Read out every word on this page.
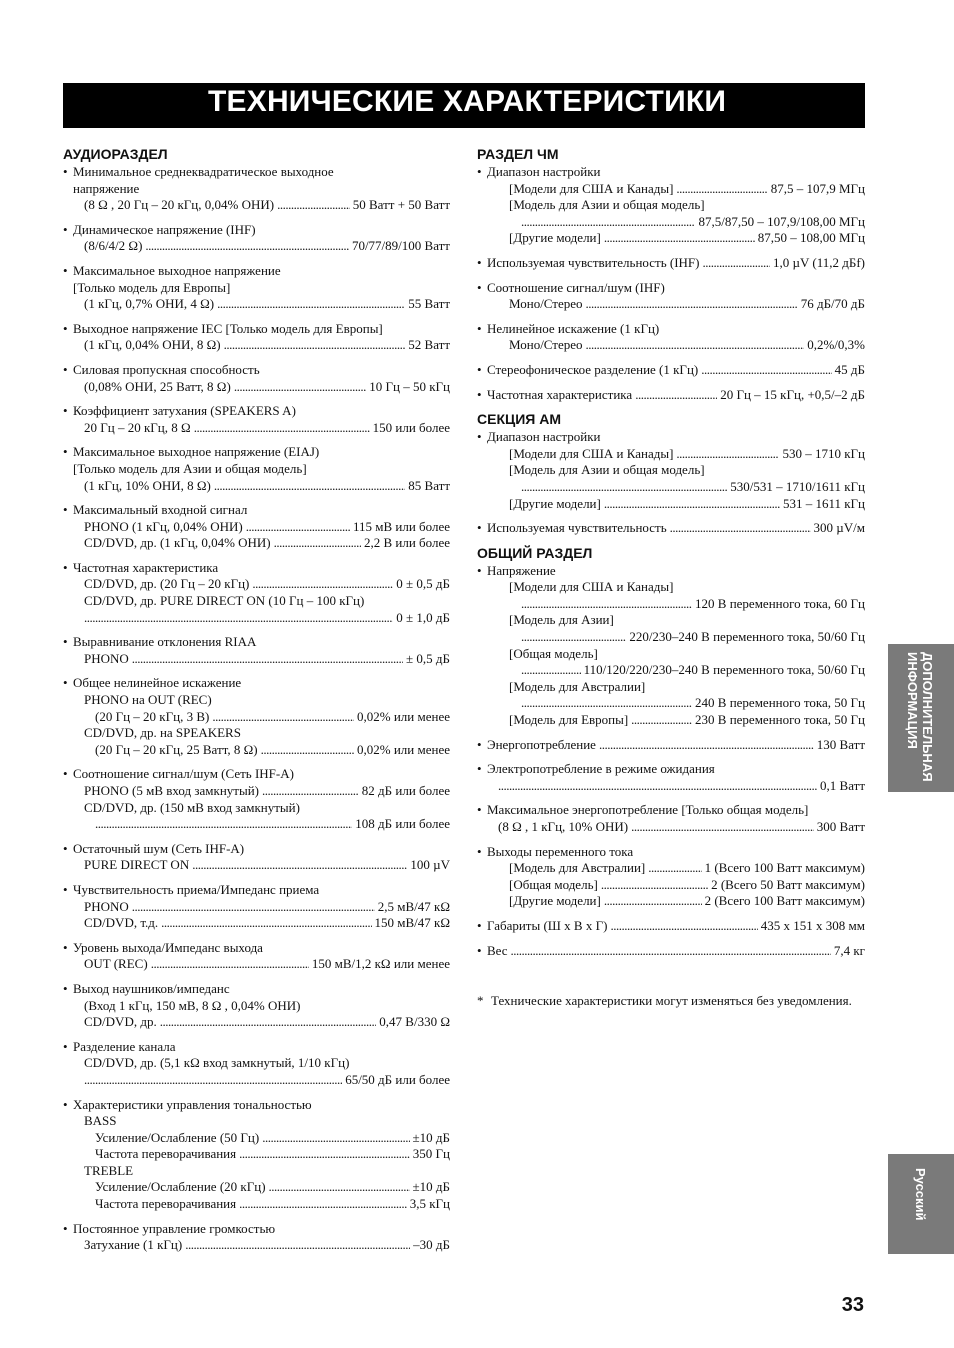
ТЕХНИЧЕСКИЕ ХАРАКТЕРИСТИКИ
АУДИОРАЗДЕЛ
• Минимальное среднеквадратическое выходное
напряжение
(8 Ω , 20 Гц – 20 кГц, 0,04% ОНИ) .....	50 Ватт + 50 Ватт
• Динамическое напряжение (IHF)
(8/6/4/2 Ω) .....	70/77/89/100 Ватт
• Максимальное выходное напряжение
[Только модель для Европы]
(1 кГц, 0,7% ОНИ, 4 Ω) .....	55 Ватт
• Выходное напряжение IEC [Только модель для Европы]
(1 кГц, 0,04% ОНИ, 8 Ω) .....	52 Ватт
• Силовая пропускная способность
(0,08% ОНИ, 25 Ватт, 8 Ω) .....	10 Гц – 50 кГц
• Коэффициент затухания (SPEAKERS A)
20 Гц – 20 кГц, 8 Ω .....	150 или более
• Максимальное выходное напряжение (EIAJ)
[Только модель для Азии и общая модель]
(1 кГц, 10% ОНИ, 8 Ω) .....	85 Ватт
• Максимальный входной сигнал
PHONO (1 кГц, 0,04% ОНИ) .....	115 мВ или более
CD/DVD, др. (1 кГц, 0,04% ОНИ) .....	2,2 В или более
• Частотная характеристика
CD/DVD, др. (20 Гц – 20 кГц) .....	0 ± 0,5 дБ
CD/DVD, др. PURE DIRECT ON (10 Гц – 100 кГц)
.....
0 ± 1,0 дБ
• Выравнивание отклонения RIAA
PHONO .....	± 0,5 дБ
• Общее нелинейное искажение
PHONO на OUT (REC)
(20 Гц – 20 кГц, 3 В) .....	0,02% или менее
CD/DVD, др. на SPEAKERS
(20 Гц – 20 кГц, 25 Ватт, 8 Ω) .....	0,02% или менее
• Соотношение сигнал/шум (Сеть IHF-A)
PHONO (5 мВ вход замкнутый) .....	82 дБ или более
CD/DVD, др. (150 мВ вход замкнутый)
.....
108 дБ или более
• Остаточный шум (Сеть IHF-A)
PURE DIRECT ON .....	100 µV
• Чувствительность приема/Импеданс приема
PHONO .....	2,5 мВ/47 кΩ
CD/DVD, т.д. .....	150 мВ/47 кΩ
• Уровень выхода/Импеданс выхода
OUT (REC) .....	150 мВ/1,2 кΩ или менее
• Выход наушников/импеданс
(Вход 1 кГц, 150 мВ, 8 Ω , 0,04% ОНИ)
CD/DVD, др. .....	0,47 В/330 Ω
• Разделение канала
CD/DVD, др. (5,1 кΩ вход замкнутый, 1/10 кГц)
.....
65/50 дБ или более
• Характеристики управления тональностью
BASS
Усиление/Ослабление (50 Гц) .....	±10 дБ
Частота переворачивания .....	350 Гц
TREBLE
Усиление/Ослабление (20 кГц) .....	±10 дБ
Частота переворачивания .....	3,5 кГц
• Постоянное управление громкостью
Затухание (1 кГц) .....	–30 дБ
РАЗДЕЛ ЧМ
• Диапазон настройки
[Модели для США и Канады] .....	87,5 – 107,9 МГц
[Модель для Азии и общая модель]
.....
87,5/87,50 – 107,9/108,00 МГц
[Другие модели] .....	87,50 – 108,00 МГц
• Используемая чувствительность (IHF) .....	1,0 µV (11,2 дБf)
• Соотношение сигнал/шум (IHF)
Моно/Стерео .....	76 дБ/70 дБ
• Нелинейное искажение (1 кГц)
Моно/Стерео .....	0,2%/0,3%
• Стереофоническое разделение (1 кГц) .....	45 дБ
• Частотная характеристика .....	20 Гц – 15 кГц, +0,5/–2 дБ
СЕКЦИЯ АМ
• Диапазон настройки
[Модели для США и Канады] .....	530 – 1710 кГц
[Модель для Азии и общая модель]
.....
530/531 – 1710/1611 кГц
[Другие модели] .....	531 – 1611 кГц
• Используемая чувствительность .....	300 µV/м
ОБЩИЙ РАЗДЕЛ
• Напряжение
[Модели для США и Канады]
.....
120 В переменного тока, 60 Гц
[Модель для Азии]
.....
220/230–240 В переменного тока, 50/60 Гц
[Общая модель]
.....
110/120/220/230–240 В переменного тока, 50/60 Гц
[Модель для Австралии]
.....
240 В переменного тока, 50 Гц
[Модель для Европы] .....	230 В переменного тока, 50 Гц
• Энергопотребление .....	130 Ватт
• Электропотребление в режиме ожидания
.....
0,1 Ватт
• Максимальное энергопотребление [Только общая модель]
(8 Ω , 1 кГц, 10% ОНИ) .....	300 Ватт
• Выходы переменного тока
[Модель для Австралии] .....	1 (Всего 100 Ватт максимум)
[Общая модель] .....	2 (Всего 50 Ватт максимум)
[Другие модели] .....	2 (Всего 100 Ватт максимум)
• Габариты (Ш х В х Г) .....	435 х 151 х 308 мм
• Вес .....	7,4 кг
* Технические характеристики могут изменяться без уведомления.
ДОПОЛНИТЕЛЬНАЯ
ИНФОРМАЦИЯ
Русский
33
